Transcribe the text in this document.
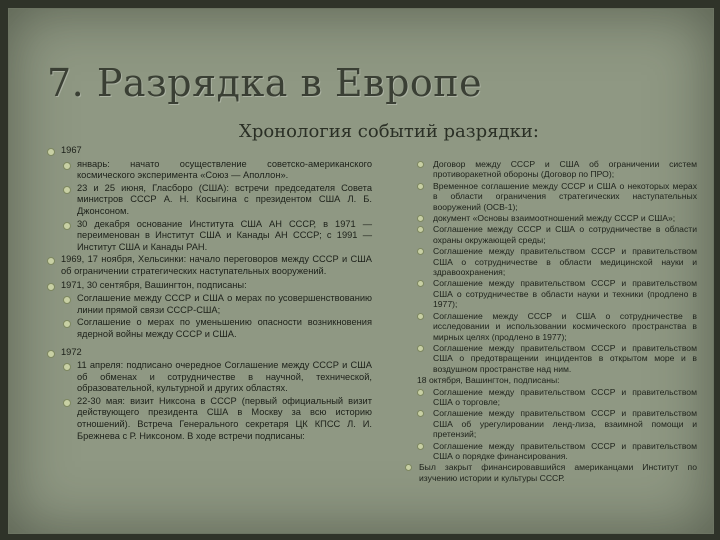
7. Разрядка в Европе
Хронология событий разрядки:
1967
январь: начато осуществление советско-американского космического эксперимента «Союз — Аполлон».
23 и 25 июня, Гласборо (США): встречи председателя Совета министров СССР А. Н. Косыгина с президентом США Л. Б. Джонсоном.
30 декабря основание Института США АН СССР, в 1971 — переименован в Институт США и Канады АН СССР; с 1991 — Институт США и Канады РАН.
1969, 17 ноября, Хельсинки: начало переговоров между СССР и США об ограничении стратегических наступательных вооружений.
1971, 30 сентября, Вашингтон, подписаны:
Соглашение между СССР и США о мерах по усовершенствованию линии прямой связи СССР-США;
Соглашение о мерах по уменьшению опасности возникновения ядерной войны между СССР и США.
1972
11 апреля: подписано очередное Соглашение между СССР и США об обменах и сотрудничестве в научной, технической, образовательной, культурной и других областях.
22-30 мая: визит Никсона в СССР (первый официальный визит действующего президента США в Москву за всю историю отношений). Встреча Генерального секретаря ЦК КПСС Л. И. Брежнева с Р. Никсоном. В ходе встречи подписаны:
Договор между СССР и США об ограничении систем противоракетной обороны (Договор по ПРО);
Временное соглашение между СССР и США о некоторых мерах в области ограничения стратегических наступательных вооружений (ОСВ-1);
документ «Основы взаимоотношений между СССР и США»;
Соглашение между СССР и США о сотрудничестве в области охраны окружающей среды;
Соглашение между правительством СССР и правительством США о сотрудничестве в области медицинской науки и здравоохранения;
Соглашение между правительством СССР и правительством США о сотрудничестве в области науки и техники (продлено в 1977);
Соглашение между СССР и США о сотрудничестве в исследовании и использовании космического пространства в мирных целях (продлено в 1977);
Соглашение между правительством СССР и правительством США о предотвращении инцидентов в открытом море и в воздушном пространстве над ним.
18 октября, Вашингтон, подписаны:
Соглашение между правительством СССР и правительством США о торговле;
Соглашение между правительством СССР и правительством США об урегулировании ленд-лиза, взаимной помощи и претензий;
Соглашение между правительством СССР и правительством США о порядке финансирования.
Был закрыт финансировавшийся американцами Институт по изучению истории и культуры СССР.
